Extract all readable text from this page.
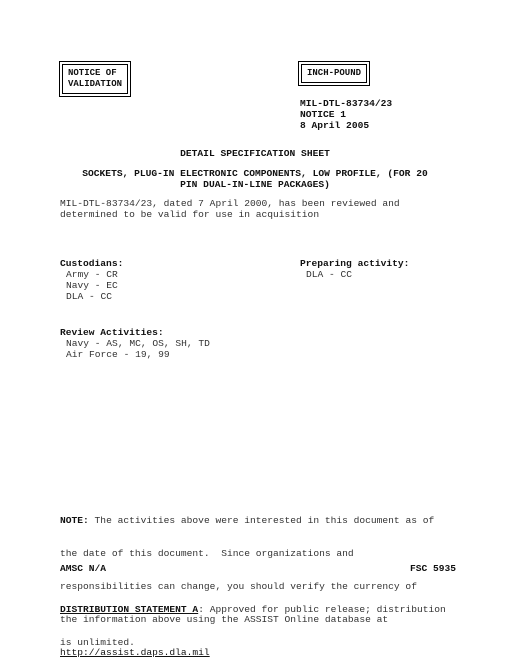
NOTICE OF
VALIDATION
INCH-POUND
MIL-DTL-83734/23
NOTICE 1
8 April 2005
DETAIL SPECIFICATION SHEET
SOCKETS, PLUG-IN ELECTRONIC COMPONENTS, LOW PROFILE, (FOR 20
PIN DUAL-IN-LINE PACKAGES)
MIL-DTL-83734/23, dated 7 April 2000, has been reviewed and
determined to be valid for use in acquisition
Custodians:
Army - CR
Navy - EC
DLA - CC
Preparing activity:
DLA - CC
Review Activities:
Navy - AS, MC, OS, SH, TD
Air Force - 19, 99

NOTE: The activities above were interested in this document as of

the date of this document.  Since organizations and

responsibilities can change, you should verify the currency of

the information above using the ASSIST Online database at

http://assist.daps.dla.mil

AMSC N/A	FSC 5935

DISTRIBUTION STATEMENT A: Approved for public release; distribution

is unlimited.
